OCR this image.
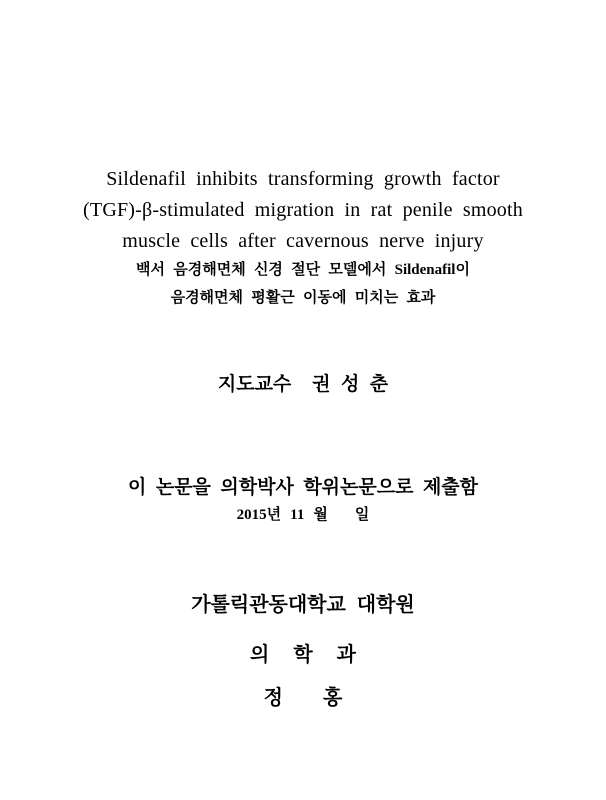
Sildenafil inhibits transforming growth factor
(TGF)-β-stimulated migration in rat penile smooth
muscle cells after cavernous nerve injury
백서 음경해면체 신경 절단 모델에서 Sildenafil이
음경해면체 평활근 이동에 미치는 효과
지도교수  권 성 춘
이 논문을 의학박사 학위논문으로 제출함
2015년 11 월   일
가톨릭관동대학교 대학원
의 학 과
정 홍
